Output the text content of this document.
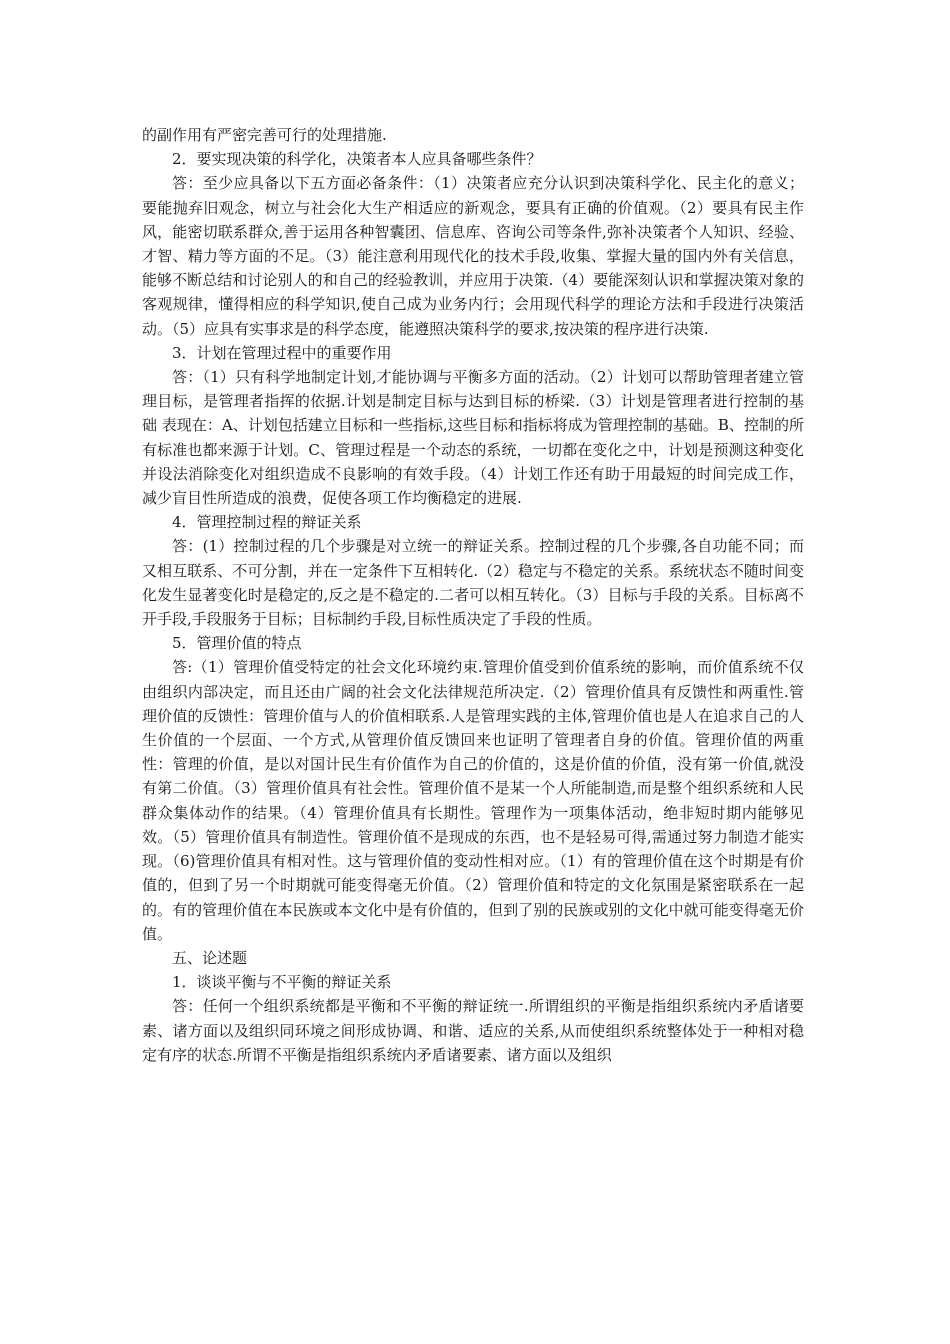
的副作用有严密完善可行的处理措施.

2．要实现决策的科学化，决策者本人应具备哪些条件？

答：至少应具备以下五方面必备条件：（1）决策者应充分认识到决策科学化、民主化的意义；要能抛弃旧观念，树立与社会化大生产相适应的新观念，要具有正确的价值观。（2）要具有民主作风，能密切联系群众,善于运用各种智囊团、信息库、咨询公司等条件,弥补决策者个人知识、经验、才智、精力等方面的不足。（3）能注意利用现代化的技术手段,收集、掌握大量的国内外有关信息，能够不断总结和讨论别人的和自己的经验教训，并应用于决策.（4）要能深刻认识和掌握决策对象的客观规律，懂得相应的科学知识,使自己成为业务内行；会用现代科学的理论方法和手段进行决策活动。（5）应具有实事求是的科学态度，能遵照决策科学的要求,按决策的程序进行决策.

3．计划在管理过程中的重要作用

答：（1）只有科学地制定计划,才能协调与平衡多方面的活动。（2）计划可以帮助管理者建立管理目标，是管理者指挥的依据.计划是制定目标与达到目标的桥梁.（3）计划是管理者进行控制的基础 表现在：A、计划包括建立目标和一些指标,这些目标和指标将成为管理控制的基础。B、控制的所有标准也都来源于计划。C、管理过程是一个动态的系统，一切都在变化之中，计划是预测这种变化并设法消除变化对组织造成不良影响的有效手段。（4）计划工作还有助于用最短的时间完成工作，减少盲目性所造成的浪费，促使各项工作均衡稳定的进展.

4．管理控制过程的辩证关系

答：(1）控制过程的几个步骤是对立统一的辩证关系。控制过程的几个步骤,各自功能不同；而又相互联系、不可分割，并在一定条件下互相转化.（2）稳定与不稳定的关系。系统状态不随时间变化发生显著变化时是稳定的,反之是不稳定的.二者可以相互转化。（3）目标与手段的关系。目标离不开手段,手段服务于目标；目标制约手段,目标性质决定了手段的性质。

5．管理价值的特点

答:（1）管理价值受特定的社会文化环境约束.管理价值受到价值系统的影响，而价值系统不仅由组织内部决定，而且还由广阔的社会文化法律规范所决定.（2）管理价值具有反馈性和两重性.管理价值的反馈性：管理价值与人的价值相联系.人是管理实践的主体,管理价值也是人在追求自己的人生价值的一个层面、一个方式,从管理价值反馈回来也证明了管理者自身的价值。管理价值的两重性：管理的价值，是以对国计民生有价值作为自己的价值的，这是价值的价值，没有第一价值,就没有第二价值。（3）管理价值具有社会性。管理价值不是某一个人所能制造,而是整个组织系统和人民群众集体动作的结果。（4）管理价值具有长期性。管理作为一项集体活动，绝非短时期内能够见效。（5）管理价值具有制造性。管理价值不是现成的东西，也不是轻易可得,需通过努力制造才能实现。（6)管理价值具有相对性。这与管理价值的变动性相对应。（1）有的管理价值在这个时期是有价值的，但到了另一个时期就可能变得毫无价值。（2）管理价值和特定的文化氛围是紧密联系在一起的。有的管理价值在本民族或本文化中是有价值的，但到了别的民族或别的文化中就可能变得毫无价值。

五、论述题

1．谈谈平衡与不平衡的辩证关系

答：任何一个组织系统都是平衡和不平衡的辩证统一.所谓组织的平衡是指组织系统内矛盾诸要素、诸方面以及组织同环境之间形成协调、和谐、适应的关系,从而使组织系统整体处于一种相对稳定有序的状态.所谓不平衡是指组织系统内矛盾诸要素、诸方面以及组织
